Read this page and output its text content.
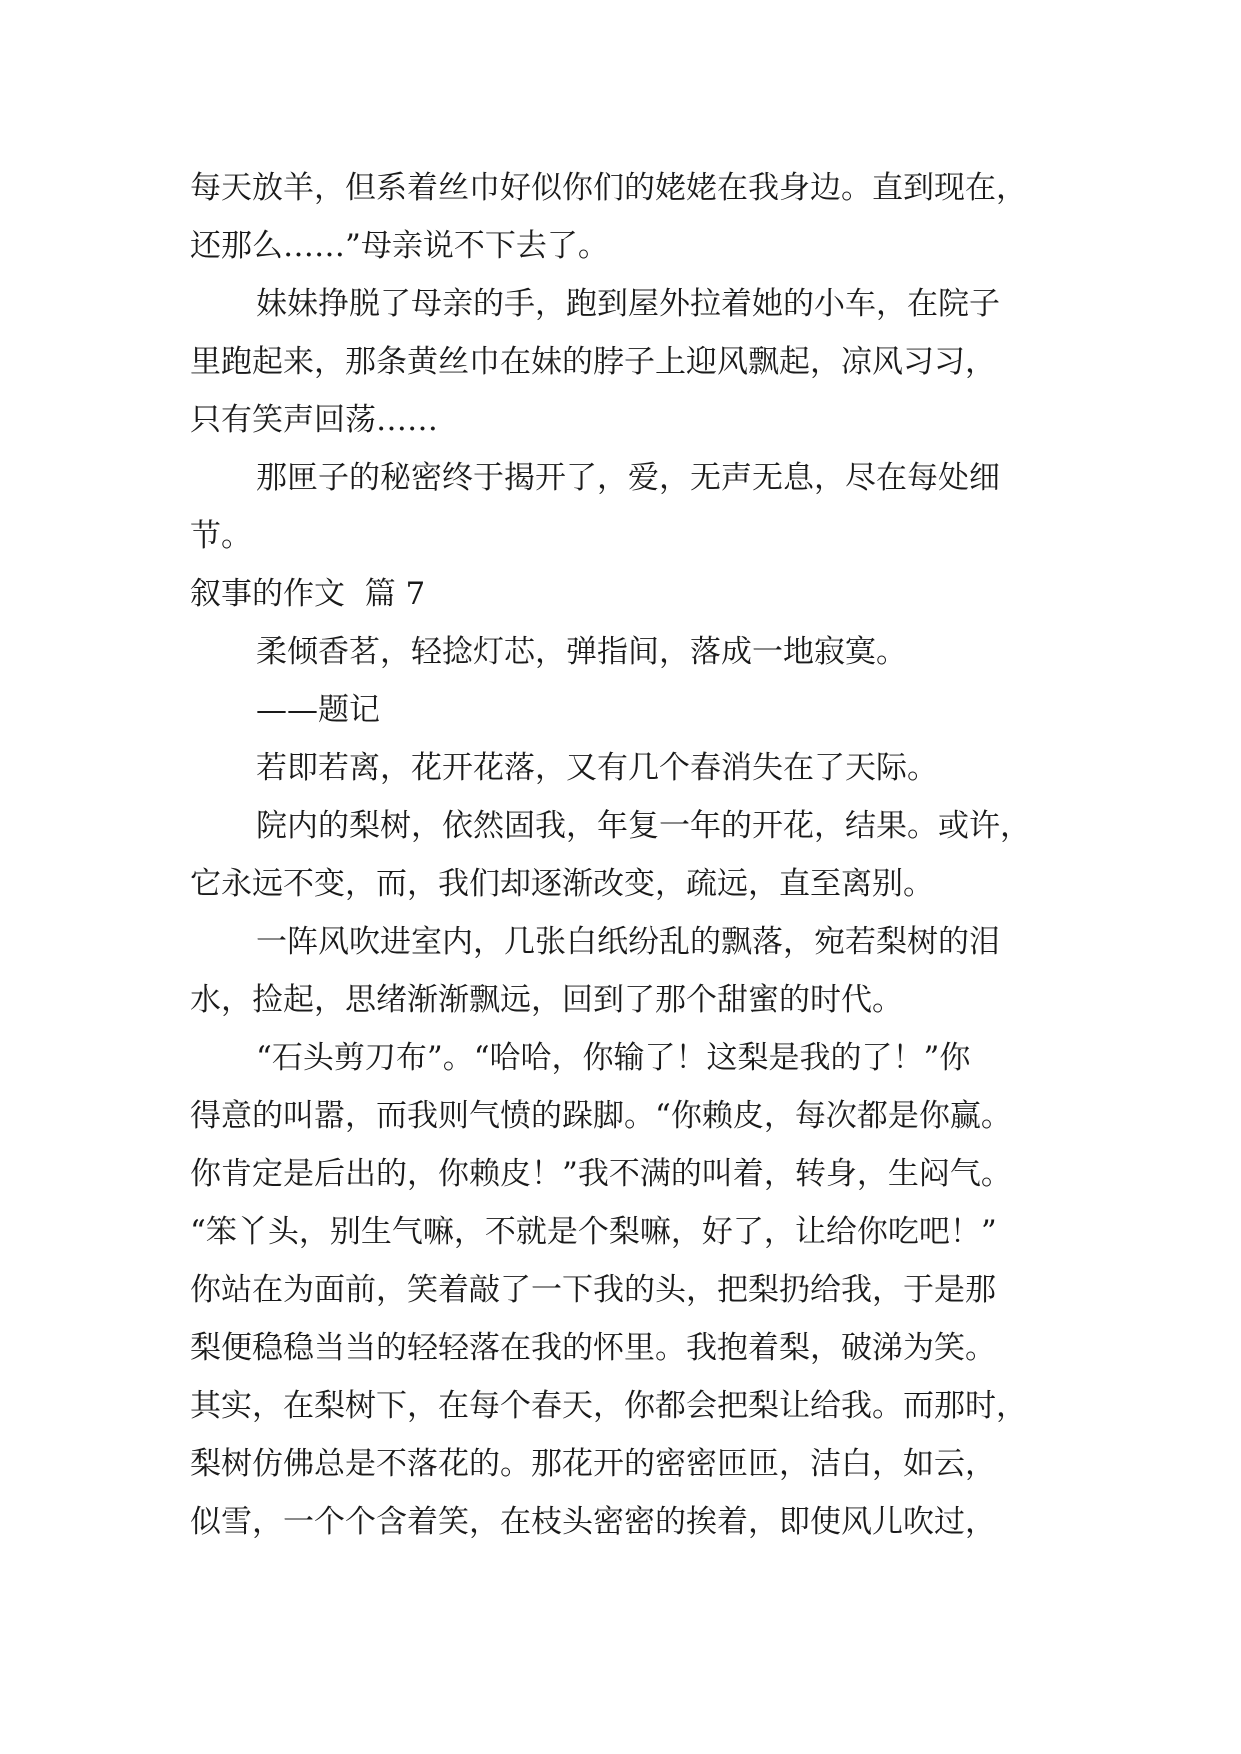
每天放羊，但系着丝巾好似你们的姥姥在我身边。直到现在，
还那么……”母亲说不下去了。
妹妹挣脱了母亲的手，跑到屋外拉着她的小车，在院子
里跑起来，那条黄丝巾在妹的脖子上迎风飘起，凉风习习，
只有笑声回荡……
那匣子的秘密终于揭开了，爱，无声无息，尽在每处细
节。
叙事的作文  篇 7
柔倾香茗，轻捻灯芯，弹指间，落成一地寂寞。
——题记
若即若离，花开花落，又有几个春消失在了天际。
院内的梨树，依然固我，年复一年的开花，结果。或许，
它永远不变，而，我们却逐渐改变，疏远，直至离别。
一阵风吹进室内，几张白纸纷乱的飘落，宛若梨树的泪
水，捡起，思绪渐渐飘远，回到了那个甜蜜的时代。
“石头剪刀布”。“哈哈，你输了！这梨是我的了！”你
得意的叫嚣，而我则气愤的跺脚。“你赖皮，每次都是你赢。
你肯定是后出的，你赖皮！”我不满的叫着，转身，生闷气。
“笨丫头，别生气嘛，不就是个梨嘛，好了，让给你吃吧！”
你站在为面前，笑着敲了一下我的头，把梨扔给我，于是那
梨便稳稳当当的轻轻落在我的怀里。我抱着梨，破涕为笑。
其实，在梨树下，在每个春天，你都会把梨让给我。而那时，
梨树仿佛总是不落花的。那花开的密密匝匝，洁白，如云，
似雪，一个个含着笑，在枝头密密的挨着，即使风儿吹过，
